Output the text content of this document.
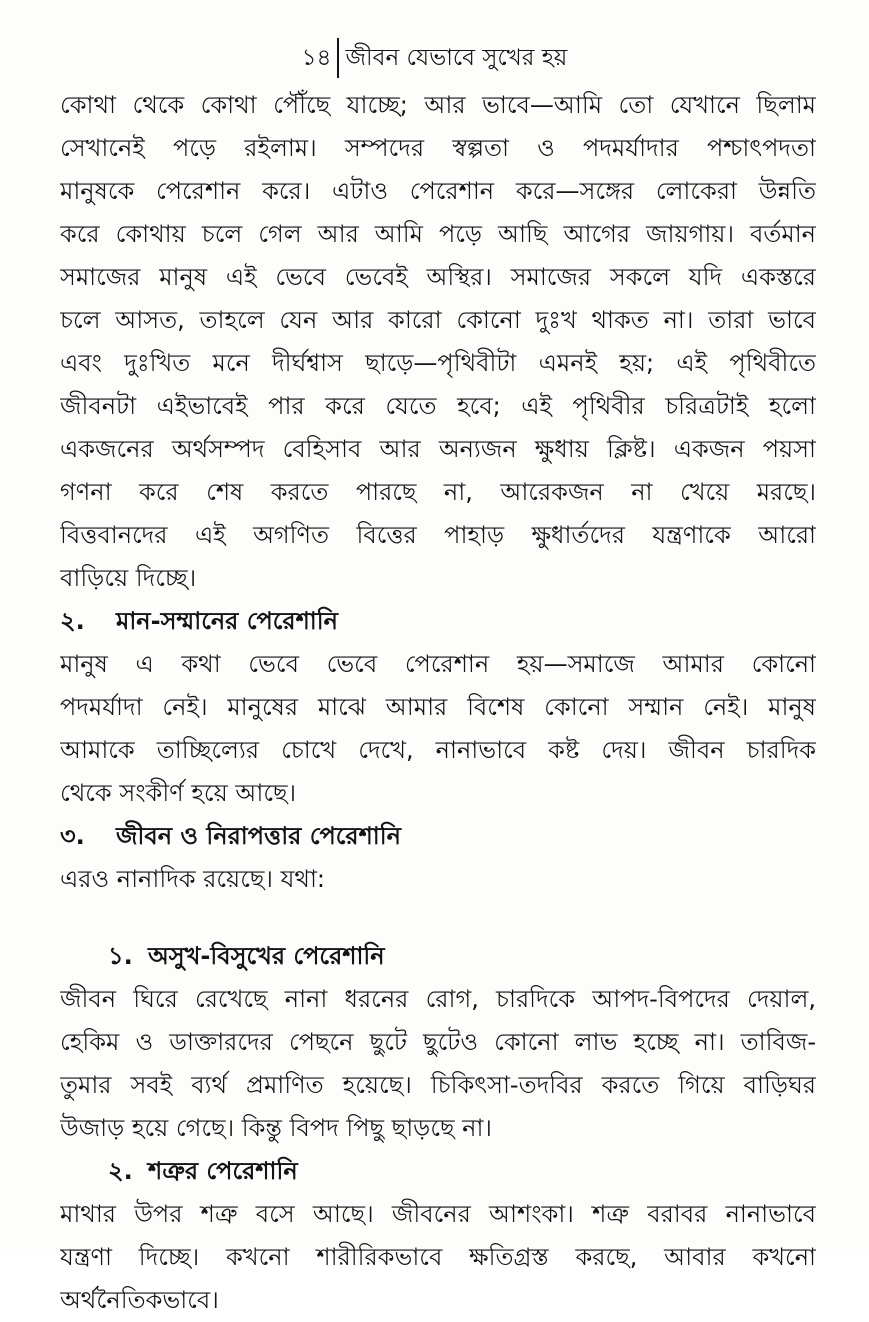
১৪ জীবন যেভাবে সুখের হয়
কোথা থেকে কোথা পৌঁছে যাচ্ছে; আর ভাবে—আমি তো যেখানে ছিলাম
সেখানেই পড়ে রইলাম। সম্পদের স্বল্পতা ও পদমর্যাদার পশ্চাৎপদতা
মানুষকে পেরেশান করে। এটাও পেরেশান করে—সঙ্গের লোকেরা উন্নতি
করে কোথায় চলে গেল আর আমি পড়ে আছি আগের জায়গায়। বর্তমান
সমাজের মানুষ এই ভেবে ভেবেই অস্থির। সমাজের সকলে যদি একস্তরে
চলে আসত, তাহলে যেন আর কারো কোনো দুঃখ থাকত না। তারা ভাবে
এবং দুঃখিত মনে দীর্ঘশ্বাস ছাড়ে—পৃথিবীটা এমনই হয়; এই পৃথিবীতে
জীবনটা এইভাবেই পার করে যেতে হবে; এই পৃথিবীর চরিত্রটাই হলো
একজনের অর্থসম্পদ বেহিসাব আর অন্যজন ক্ষুধায় ক্লিষ্ট। একজন পয়সা
গণনা করে শেষ করতে পারছে না, আরেকজন না খেয়ে মরছে।
বিত্তবানদের এই অগণিত বিত্তের পাহাড় ক্ষুধার্তদের যন্ত্রণাকে আরো
বাড়িয়ে দিচ্ছে।
২. মান-সম্মানের পেরেশানি
মানুষ এ কথা ভেবে ভেবে পেরেশান হয়—সমাজে আমার কোনো
পদমর্যাদা নেই। মানুষের মাঝে আমার বিশেষ কোনো সম্মান নেই। মানুষ
আমাকে তাচ্ছিল্যের চোখে দেখে, নানাভাবে কষ্ট দেয়। জীবন চারদিক
থেকে সংকীর্ণ হয়ে আছে।
৩. জীবন ও নিরাপত্তার পেরেশানি
এরও নানাদিক রয়েছে। যথা:
১. অসুখ-বিসুখের পেরেশানি
জীবন ঘিরে রেখেছে নানা ধরনের রোগ, চারদিকে আপদ-বিপদের দেয়াল,
হেকিম ও ডাক্তারদের পেছনে ছুটে ছুটেও কোনো লাভ হচ্ছে না। তাবিজ-
তুমার সবই ব্যর্থ প্রমাণিত হয়েছে। চিকিৎসা-তদবির করতে গিয়ে বাড়িঘর
উজাড় হয়ে গেছে। কিন্তু বিপদ পিছু ছাড়ছে না।
২. শত্রুর পেরেশানি
মাথার উপর শত্রু বসে আছে। জীবনের আশংকা। শত্রু বরাবর নানাভাবে
যন্ত্রণা দিচ্ছে। কখনো শারীরিকভাবে ক্ষতিগ্রস্ত করছে, আবার কখনো
অর্থনৈতিকভাবে।
